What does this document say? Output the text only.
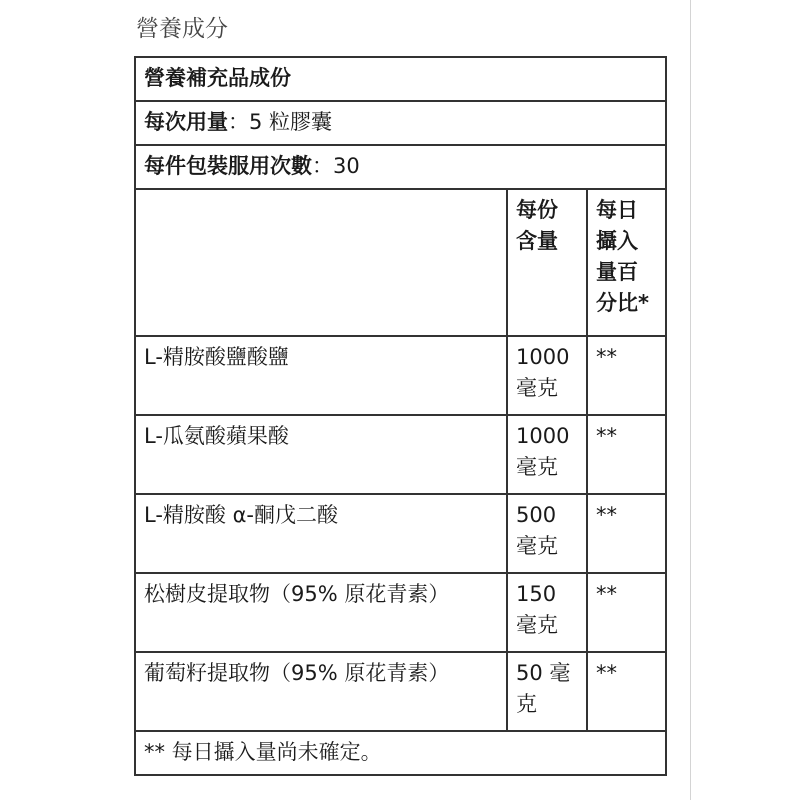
營養成分
營養補充品成份		
每次用量：5 粒膠囊		
每件包裝服用次數：30		
	每份含量	每日攝入量百分比*
L-精胺酸鹽酸鹽	1000 毫克	**
L-瓜氨酸蘋果酸	1000 毫克	**
L-精胺酸 α-酮戊二酸	500 毫克	**
松樹皮提取物（95% 原花青素）	150 毫克	**
葡萄籽提取物（95% 原花青素）	50 毫克	**
** 每日攝入量尚未確定。		
